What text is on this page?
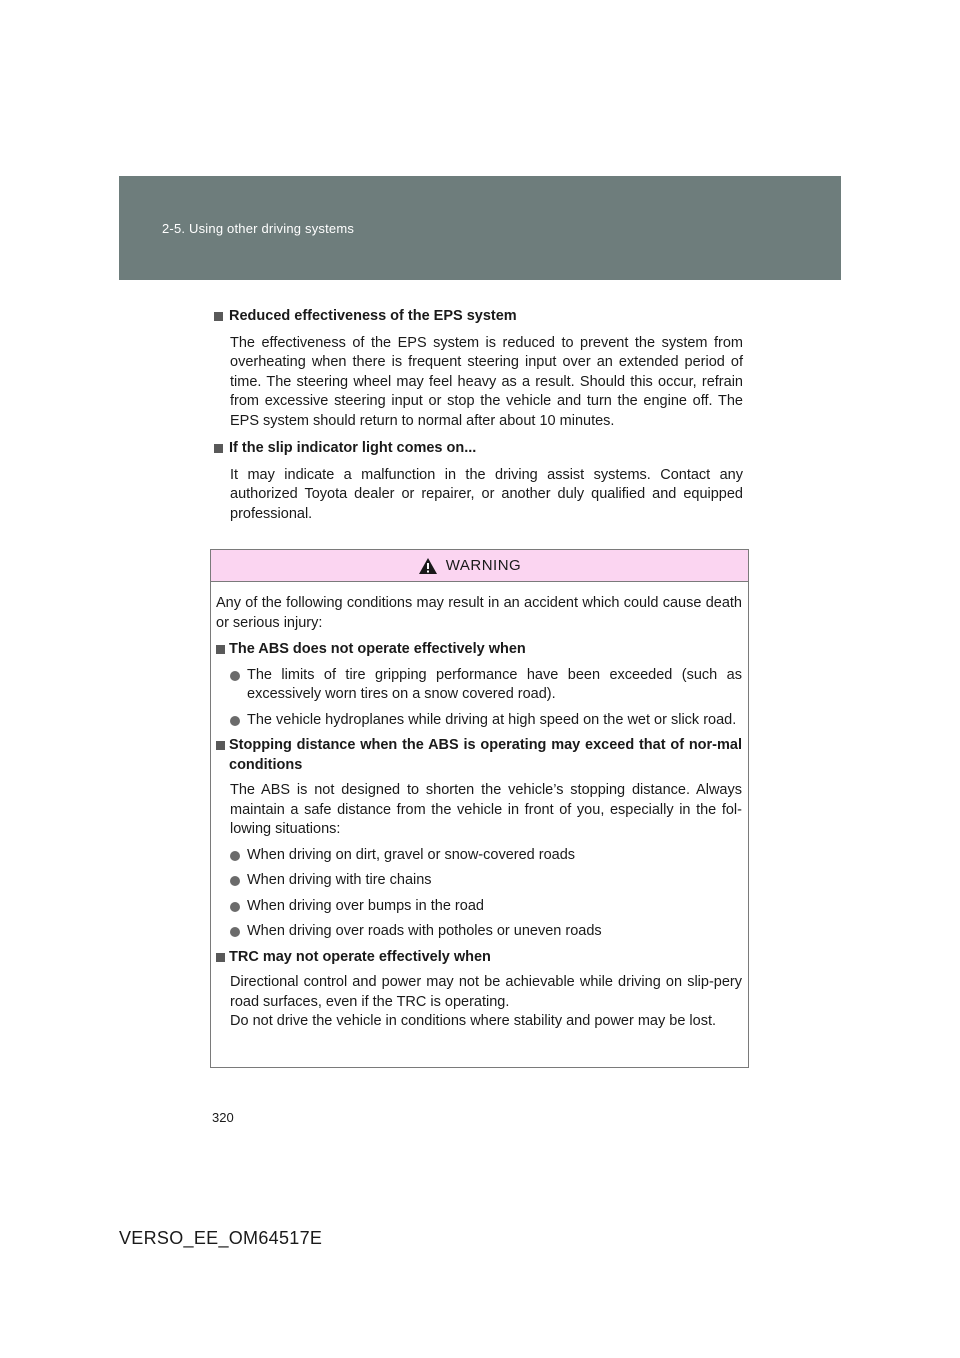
2-5. Using other driving systems
Reduced effectiveness of the EPS system
The effectiveness of the EPS system is reduced to prevent the system from overheating when there is frequent steering input over an extended period of time. The steering wheel may feel heavy as a result. Should this occur, refrain from excessive steering input or stop the vehicle and turn the engine off. The EPS system should return to normal after about 10 minutes.
If the slip indicator light comes on...
It may indicate a malfunction in the driving assist systems. Contact any authorized Toyota dealer or repairer, or another duly qualified and equipped professional.
WARNING
Any of the following conditions may result in an accident which could cause death or serious injury:
The ABS does not operate effectively when
The limits of tire gripping performance have been exceeded (such as excessively worn tires on a snow covered road).
The vehicle hydroplanes while driving at high speed on the wet or slick road.
Stopping distance when the ABS is operating may exceed that of nor-mal conditions
The ABS is not designed to shorten the vehicle’s stopping distance. Always maintain a safe distance from the vehicle in front of you, especially in the fol-lowing situations:
When driving on dirt, gravel or snow-covered roads
When driving with tire chains
When driving over bumps in the road
When driving over roads with potholes or uneven roads
TRC may not operate effectively when
Directional control and power may not be achievable while driving on slip-pery road surfaces, even if the TRC is operating.
Do not drive the vehicle in conditions where stability and power may be lost.
320
VERSO_EE_OM64517E
